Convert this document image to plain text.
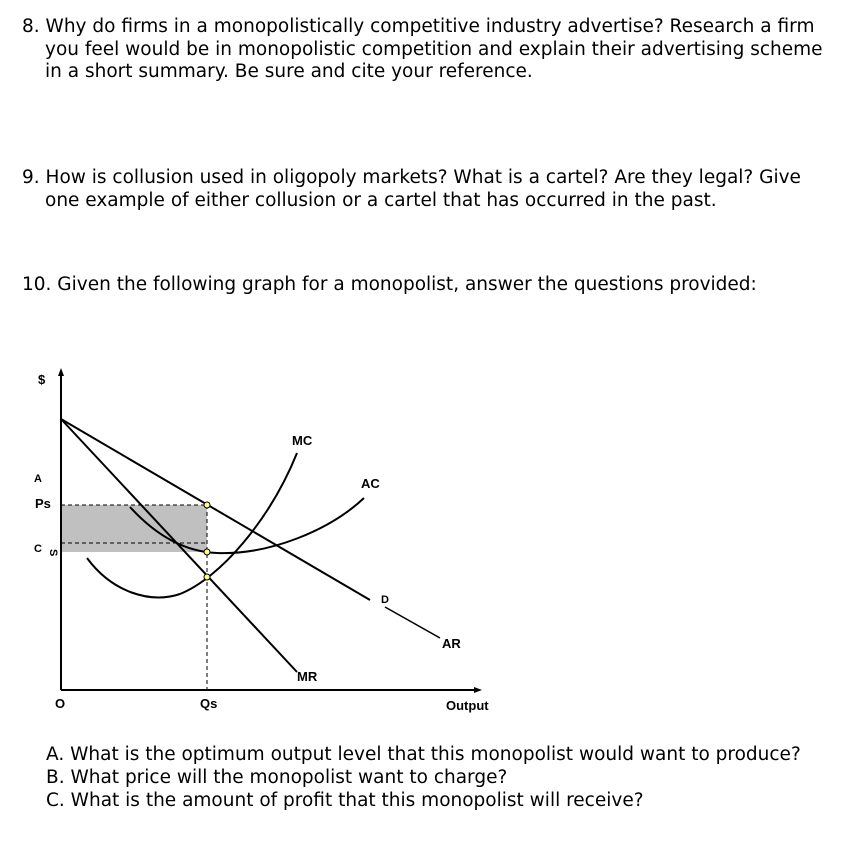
8. Why do firms in a monopolistically competitive industry advertise? Research a firm
you feel would be in monopolistic competition and explain their advertising scheme
in a short summary. Be sure and cite your reference.
9. How is collusion used in oligopoly markets? What is a cartel? Are they legal? Give
one example of either collusion or a cartel that has occurred in the past.
10. Given the following graph for a monopolist, answer the questions provided:
$
A
Ps
C S
MC
AC
D
AR
MR
O	Qs	Output
A. What is the optimum output level that this monopolist would want to produce?
B. What price will the monopolist want to charge?
C. What is the amount of profit that this monopolist will receive?
